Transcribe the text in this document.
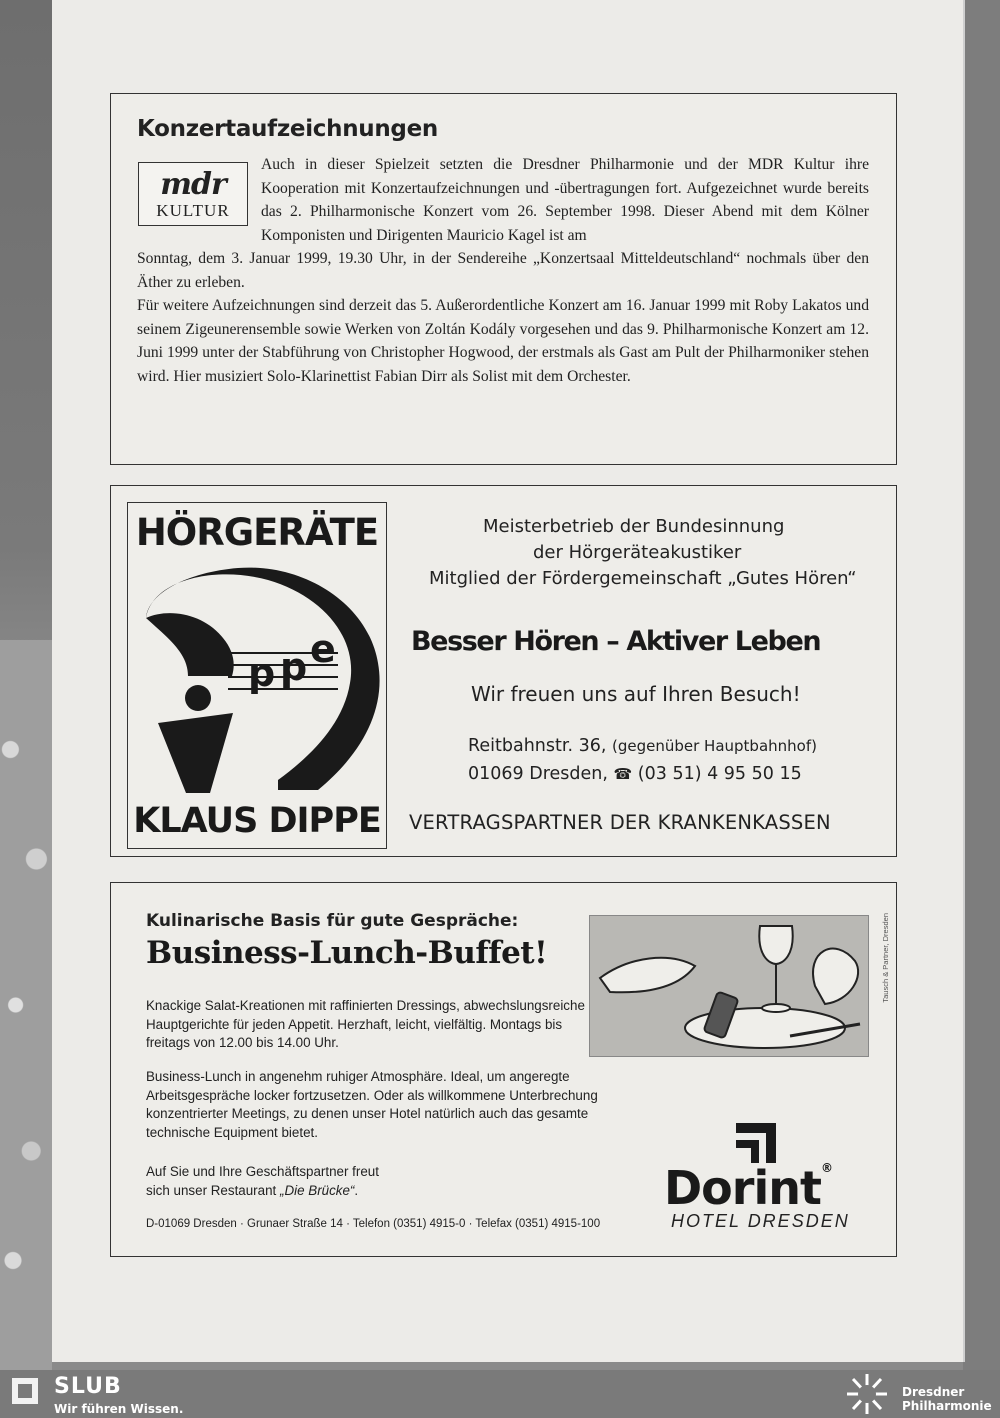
Konzertaufzeichnungen
mdr
KULTUR
Auch in dieser Spielzeit setzten die Dresdner Philharmonie und der MDR Kultur ihre Kooperation mit Konzertaufzeichnungen und -übertragungen fort. Aufgezeichnet wurde bereits das 2. Philharmonische Konzert vom 26. September 1998. Dieser Abend mit dem Kölner Komponisten und Dirigenten Mauricio Kagel ist am
Sonntag, dem 3. Januar 1999, 19.30 Uhr, in der Sendereihe „Konzertsaal Mitteldeutschland“ nochmals über den Äther zu erleben.
Für weitere Aufzeichnungen sind derzeit das 5. Außerordentliche Konzert am 16. Januar 1999 mit Roby Lakatos und seinem Zigeunerensemble sowie Werken von Zoltán Kodály vorgesehen und das 9. Philharmonische Konzert am 12. Juni 1999 unter der Stabführung von Christopher Hogwood, der erstmals als Gast am Pult der Philharmoniker stehen wird. Hier musiziert Solo-Klarinettist Fabian Dirr als Solist mit dem Orchester.
HÖRGERÄTE
p p e
KLAUS DIPPE
Meisterbetrieb der Bundesinnung
der Hörgeräteakustiker
Mitglied der Fördergemeinschaft „Gutes Hören“
Besser Hören – Aktiver Leben
Wir freuen uns auf Ihren Besuch!
Reitbahnstr. 36, (gegenüber Hauptbahnhof)
01069 Dresden, ☎ (03 51) 4 95 50 15
VERTRAGSPARTNER DER KRANKENKASSEN
Kulinarische Basis für gute Gespräche:
Business-Lunch-Buffet!	Tausch & Partner, Dresden
Knackige Salat-Kreationen mit raffinierten Dressings, abwechslungsreiche Hauptgerichte für jeden Appetit. Herzhaft, leicht, vielfältig. Montags bis freitags von 12.00 bis 14.00 Uhr.
Business-Lunch in angenehm ruhiger Atmosphäre. Ideal, um angeregte Arbeitsgespräche locker fortzusetzen. Oder als willkommene Unterbrechung konzentrierter Meetings, zu denen unser Hotel natürlich auch das gesamte technische Equipment bietet.
Auf Sie und Ihre Geschäftspartner freut sich unser Restaurant „Die Brücke“.	Dorint®
HOTEL DRESDEN
D-01069 Dresden · Grunaer Straße 14 · Telefon (0351) 4915-0 · Telefax (0351) 4915-100
SLUB
Wir führen Wissen.
Dresdner
Philharmonie
